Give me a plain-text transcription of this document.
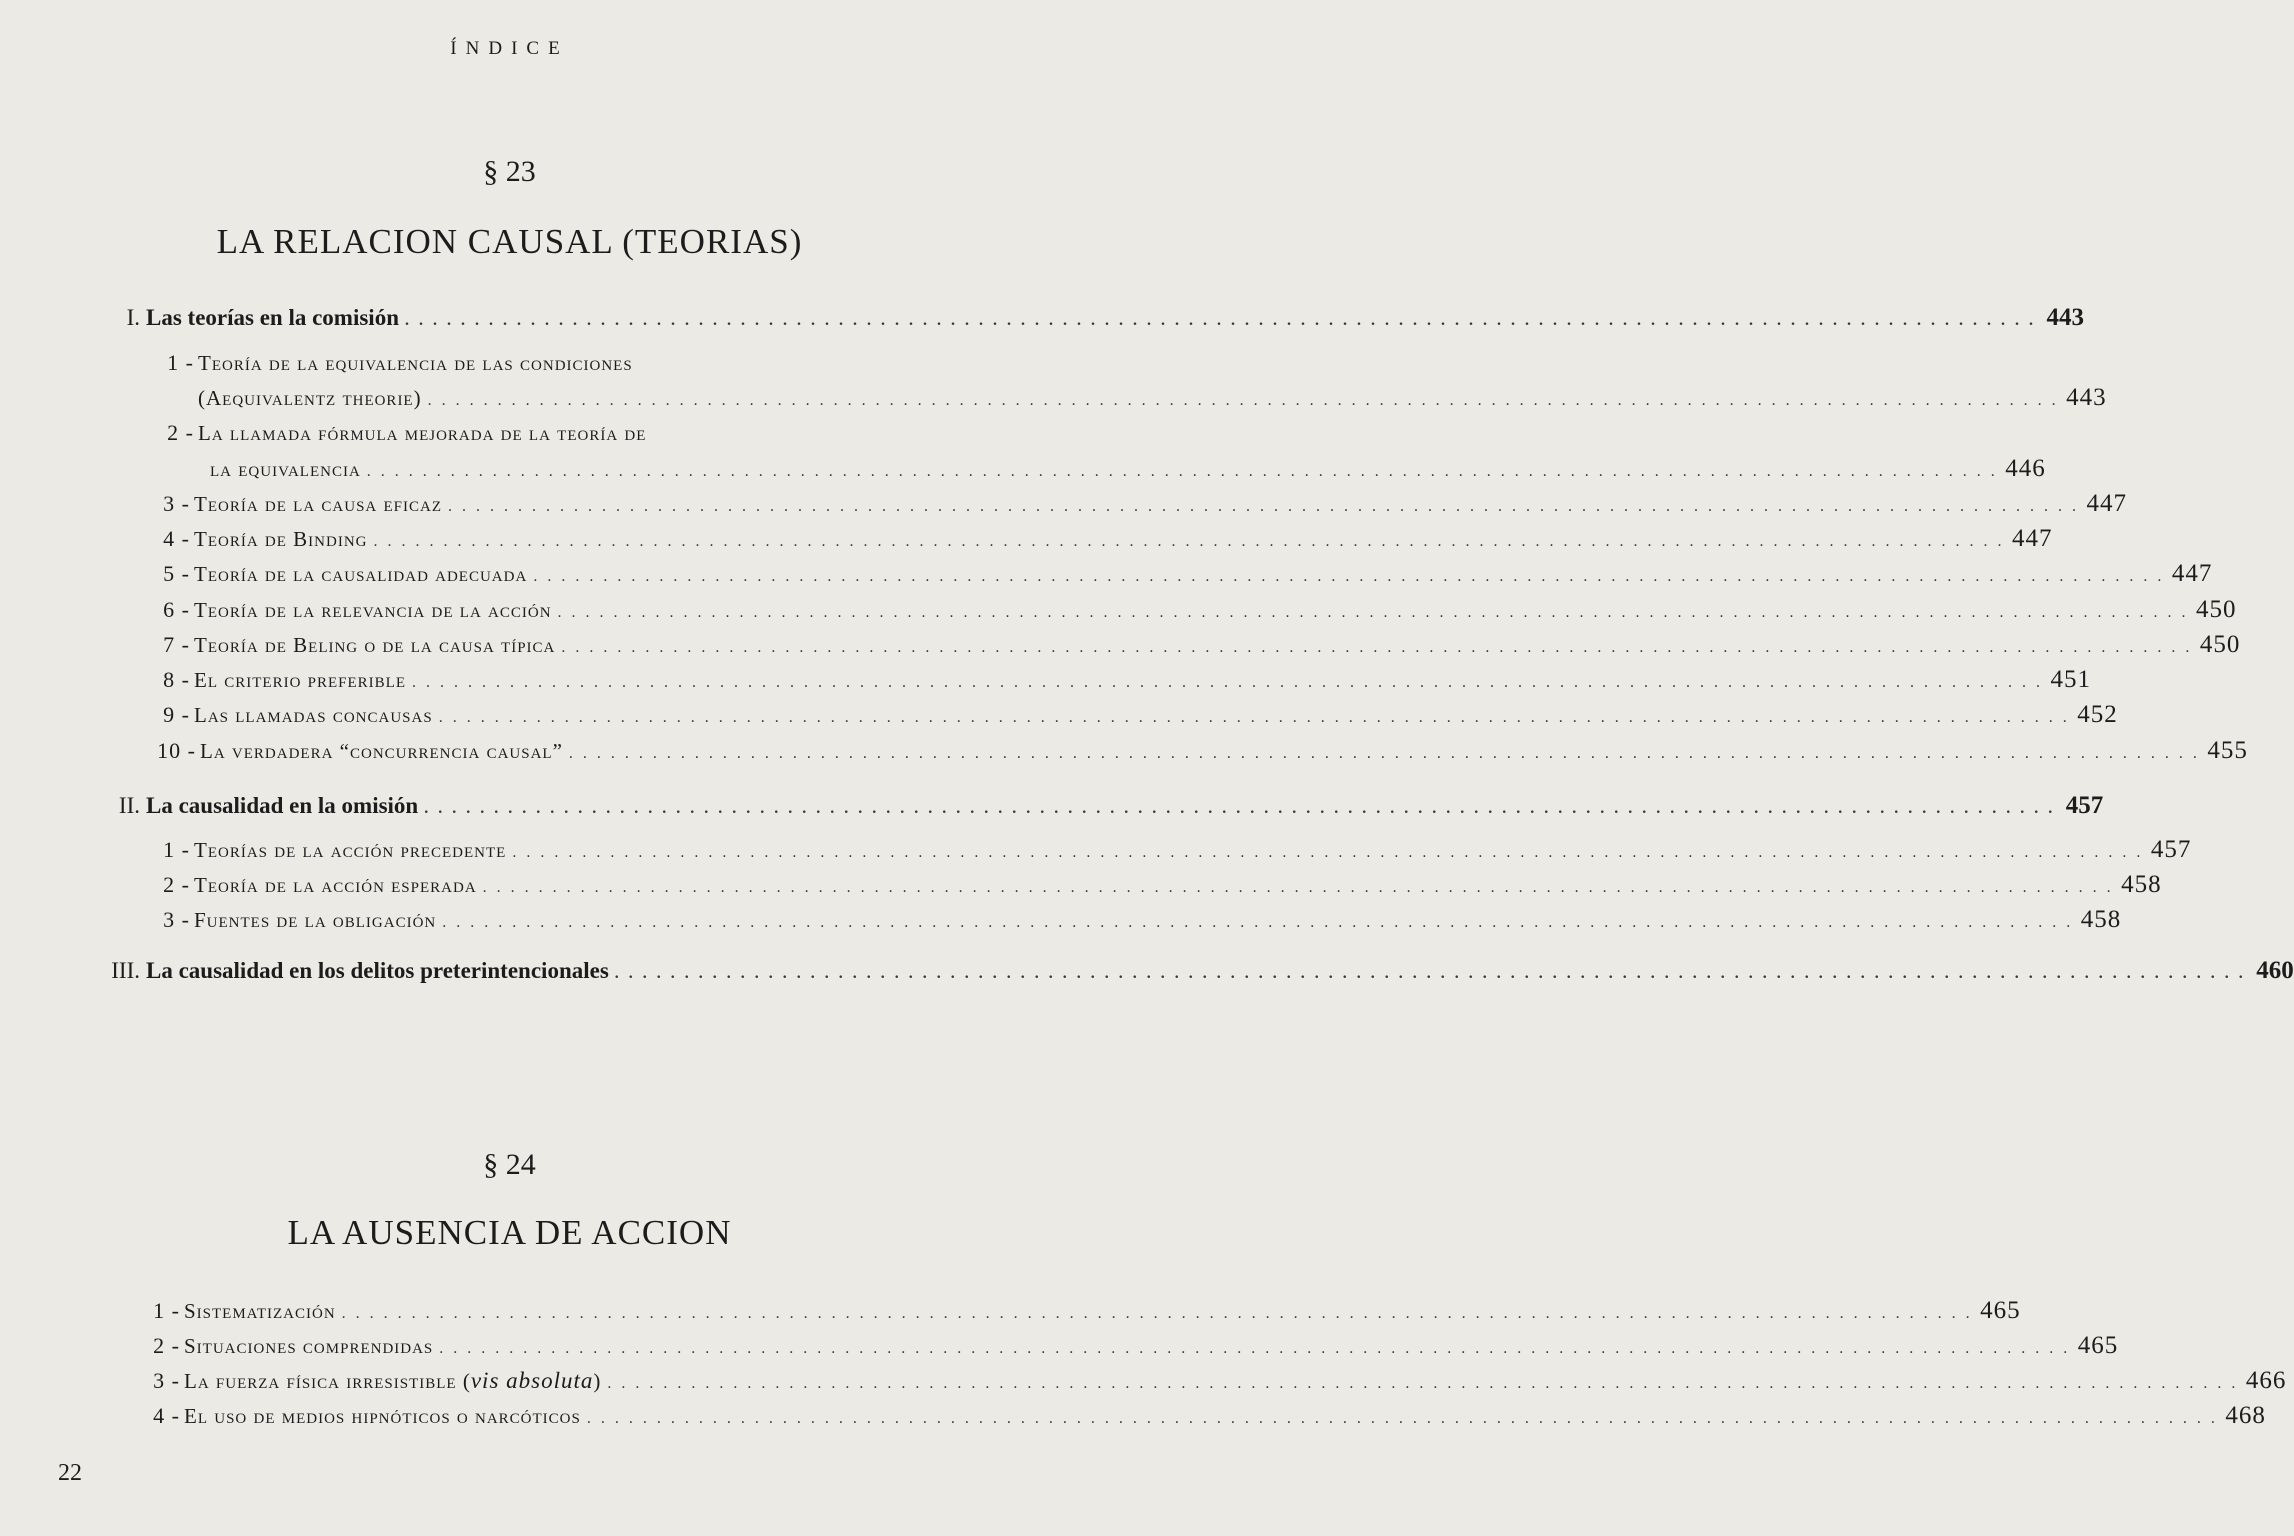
ÍNDICE
§ 23
LA RELACION CAUSAL (TEORIAS)
I. Las teorías en la comisión . . .	443
1 - Teoría de la equivalencia de las condiciones
(Aequivalentz theorie) . . .	443
2 - La llamada fórmula mejorada de la teoría de
la equivalencia . . .	446
3 - Teoría de la causa eficaz . . .	447
4 - Teoría de Binding . . .	447
5 - Teoría de la causalidad adecuada . . .	447
6 - Teoría de la relevancia de la acción . . .	450
7 - Teoría de Beling o de la causa típica . . .	450
8 - El criterio preferible . . .	451
9 - Las llamadas concausas . . .	452
10 - La verdadera “concurrencia causal” . . .	455
II. La causalidad en la omisión . . .	457
1 - Teorías de la acción precedente . . .	457
2 - Teoría de la acción esperada . . .	458
3 - Fuentes de la obligación . . .	458
III. La causalidad en los delitos preterintencionales . . .	460
§ 24
LA AUSENCIA DE ACCION
1 - Sistematización . . .	465
2 - Situaciones comprendidas . . .	465
3 - La fuerza física irresistible (vis absoluta) . . .	466
4 - El uso de medios hipnóticos o narcóticos . . .	468
22
